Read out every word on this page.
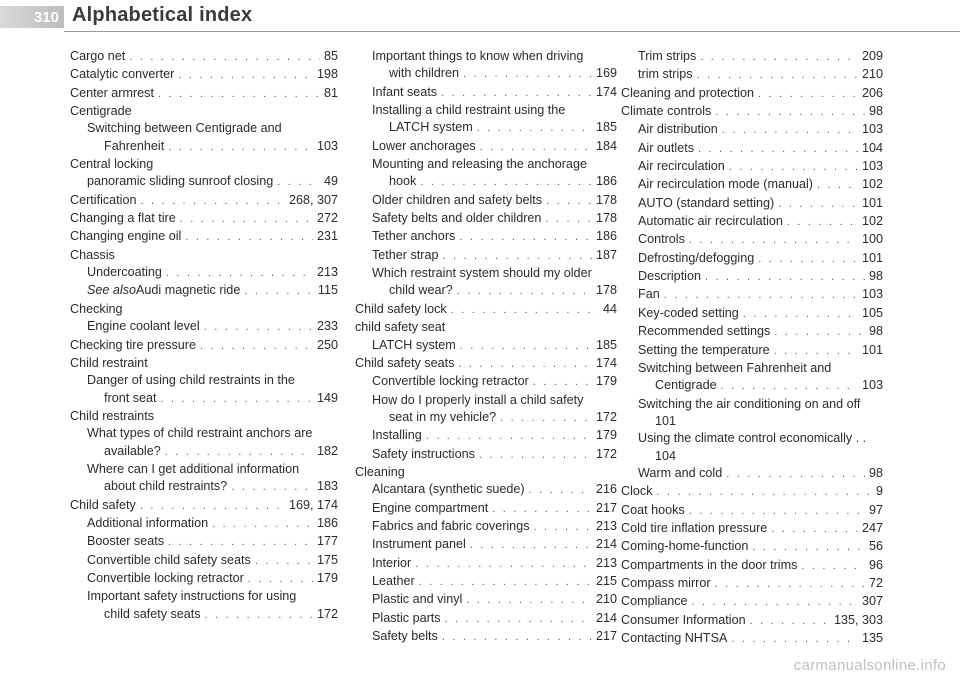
310 Alphabetical index
Cargo net . . .	85
Catalytic converter . . .	198
Center armrest . . .	81
Centigrade
Switching between Centigrade and
Fahrenheit . . .	103
Central locking
panoramic sliding sunroof closing . . .	49
Certification . . .	268, 307
Changing a flat tire . . .	272
Changing engine oil . . .	231
Chassis
Undercoating . . .	213
See also Audi magnetic ride . . .	115
Checking
Engine coolant level . . .	233
Checking tire pressure . . .	250
Child restraint
Danger of using child restraints in the
front seat . . .	149
Child restraints
What types of child restraint anchors are
available? . . .	182
Where can I get additional information
about child restraints? . . .	183
Child safety . . .	169, 174
Additional information . . .	186
Booster seats . . .	177
Convertible child safety seats . . .	175
Convertible locking retractor . . .	179
Important safety instructions for using
child safety seats . . .	172
Important things to know when driving
with children . . .	169
Infant seats . . .	174
Installing a child restraint using the
LATCH system . . .	185
Lower anchorages . . .	184
Mounting and releasing the anchorage
hook . . .	186
Older children and safety belts . . .	178
Safety belts and older children . . .	178
Tether anchors . . .	186
Tether strap . . .	187
Which restraint system should my older
child wear? . . .	178
Child safety lock . . .	44
child safety seat
LATCH system . . .	185
Child safety seats . . .	174
Convertible locking retractor . . .	179
How do I properly install a child safety
seat in my vehicle? . . .	172
Installing . . .	179
Safety instructions . . .	172
Cleaning
Alcantara (synthetic suede) . . .	216
Engine compartment . . .	217
Fabrics and fabric coverings . . .	213
Instrument panel . . .	214
Interior . . .	213
Leather . . .	215
Plastic and vinyl . . .	210
Plastic parts . . .	214
Safety belts . . .	217
Trim strips . . .	209
trim strips . . .	210
Cleaning and protection . . .	206
Climate controls . . .	98
Air distribution . . .	103
Air outlets . . .	104
Air recirculation . . .	103
Air recirculation mode (manual) . . .	102
AUTO (standard setting) . . .	101
Automatic air recirculation . . .	102
Controls . . .	100
Defrosting/defogging . . .	101
Description . . .	98
Fan . . .	103
Key-coded setting . . .	105
Recommended settings . . .	98
Setting the temperature . . .	101
Switching between Fahrenheit and
Centigrade . . .	103
Switching the air conditioning on and off
101
Using the climate control economically . .
104
Warm and cold . . .	98
Clock . . .	9
Coat hooks . . .	97
Cold tire inflation pressure . . .	247
Coming-home-function . . .	56
Compartments in the door trims . . .	96
Compass mirror . . .	72
Compliance . . .	307
Consumer Information . . .	135, 303
Contacting NHTSA . . .	135
carmanualsonline.info
